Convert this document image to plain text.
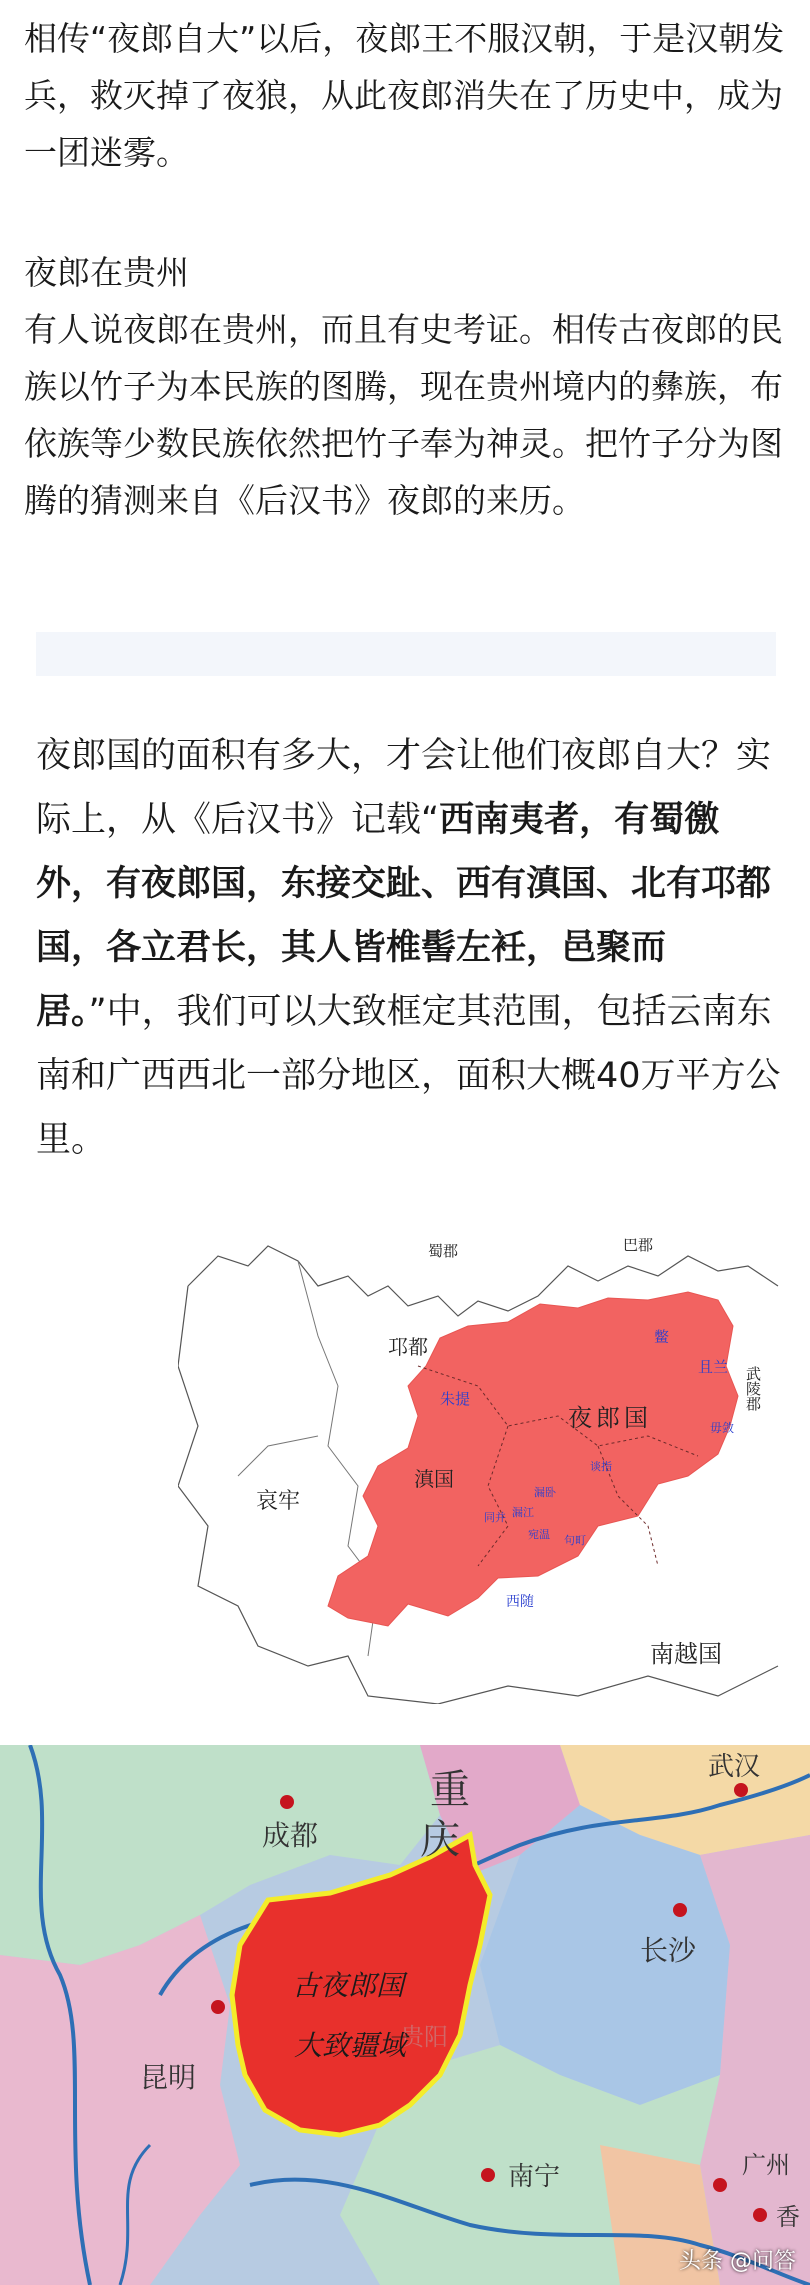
相传“夜郎自大”以后，夜郎王不服汉朝，于是汉朝发兵，救灭掉了夜狼，从此夜郎消失在了历史中，成为一团迷雾。

夜郎在贵州

有人说夜郎在贵州，而且有史考证。相传古夜郎的民族以竹子为本民族的图腾，现在贵州境内的彝族，布依族等少数民族依然把竹子奉为神灵。把竹子分为图腾的猜测来自《后汉书》夜郎的来历。

夜郎国的面积有多大，才会让他们夜郎自大？实际上，从《后汉书》记载“西南夷者，有蜀徼外，有夜郎国，东接交趾、西有滇国、北有邛都国，各立君长，其人皆椎髻左衽，邑聚而居。”中，我们可以大致框定其范围，包括云南东南和广西西北一部分地区，面积大概40万平方公里。

蜀郡	巴郡
邛都	鳖
且兰 武陵郡
朱提
夜郎国	毋敛
哀牢
滇国
谈指
漏卧
同并 漏江
宛温 句町
西随
南越国
重
庆
成都
武汉
长沙
昆明
贵阳
南宁	广州
香
古夜郎国
大致疆域
头条 @问答
